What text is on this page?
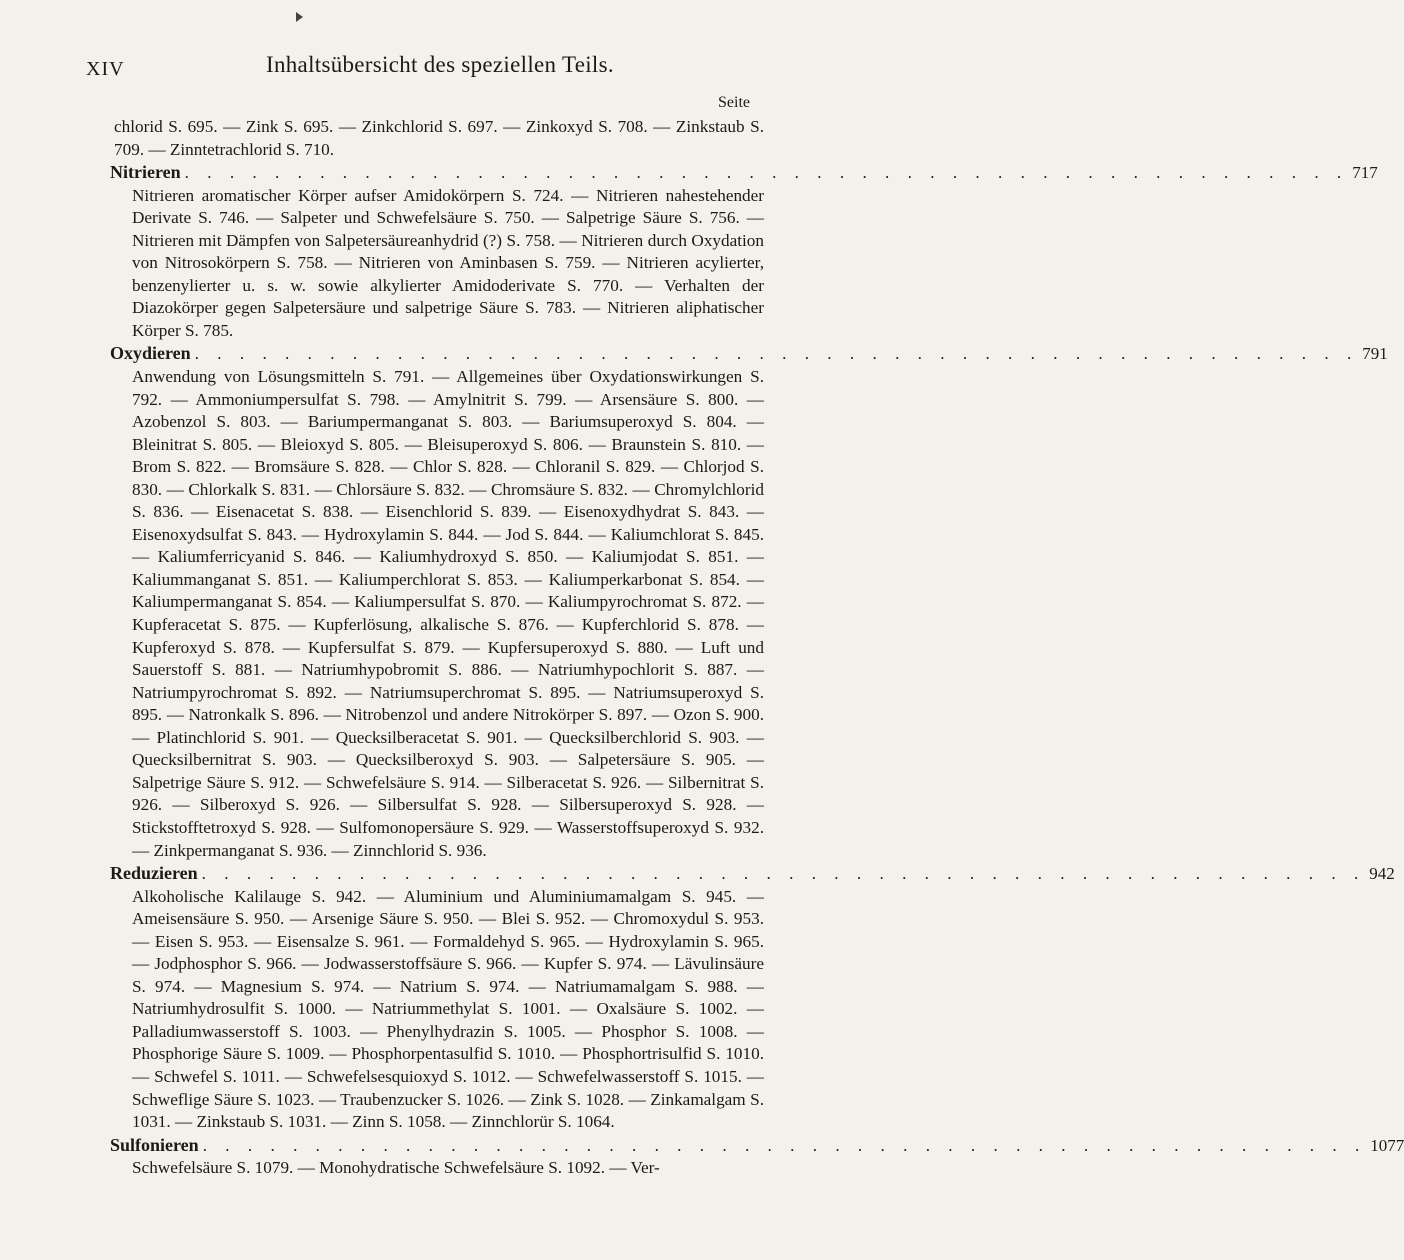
XIV	Inhaltsübersicht des speziellen Teils.
Seite
chlorid S. 695. — Zink S. 695. — Zinkchlorid S. 697. — Zinkoxyd S. 708. — Zinkstaub S. 709. — Zinntetrachlorid S. 710.
Nitrieren . . . . . . . . . . . . . . . . . . . . . . . . . . . . . . . . . . . . . . . . . . . . . . . . . . . . 717
Nitrieren aromatischer Körper aufser Amidokörpern S. 724. — Nitrieren nahestehender Derivate S. 746. — Salpeter und Schwefelsäure S. 750. — Salpetrige Säure S. 756. — Nitrieren mit Dämpfen von Salpetersäureanhydrid (?) S. 758. — Nitrieren durch Oxydation von Nitrosokörpern S. 758. — Nitrieren von Aminbasen S. 759. — Nitrieren acylierter, benzenylierter u. s. w. sowie alkylierter Amidoderivate S. 770. — Verhalten der Diazokörper gegen Salpetersäure und salpetrige Säure S. 783. — Nitrieren aliphatischer Körper S. 785.
Oxydieren . . . . . . . . . . . . . . . . . . . . . . . . . . . . . . . . . . . . . . . . . . . . . . . . . . . . 791
Anwendung von Lösungsmitteln S. 791. — Allgemeines über Oxydationswirkungen S. 792. — Ammoniumpersulfat S. 798. — Amylnitrit S. 799. — Arsensäure S. 800. — Azobenzol S. 803. — Bariumpermanganat S. 803. — Bariumsuperoxyd S. 804. — Bleinitrat S. 805. — Bleioxyd S. 805. — Bleisuperoxyd S. 806. — Braunstein S. 810. — Brom S. 822. — Bromsäure S. 828. — Chlor S. 828. — Chloranil S. 829. — Chlorjod S. 830. — Chlorkalk S. 831. — Chlorsäure S. 832. — Chromsäure S. 832. — Chromylchlorid S. 836. — Eisenacetat S. 838. — Eisenchlorid S. 839. — Eisenoxydhydrat S. 843. — Eisenoxydsulfat S. 843. — Hydroxylamin S. 844. — Jod S. 844. — Kaliumchlorat S. 845. — Kaliumferricyanid S. 846. — Kaliumhydroxyd S. 850. — Kaliumjodat S. 851. — Kaliummanganat S. 851. — Kaliumperchlorat S. 853. — Kaliumperkarbonat S. 854. — Kaliumpermanganat S. 854. — Kaliumpersulfat S. 870. — Kaliumpyrochromat S. 872. — Kupferacetat S. 875. — Kupferlösung, alkalische S. 876. — Kupferchlorid S. 878. — Kupferoxyd S. 878. — Kupfersulfat S. 879. — Kupfersuperoxyd S. 880. — Luft und Sauerstoff S. 881. — Natriumhypobromit S. 886. — Natriumhypochlorit S. 887. — Natriumpyrochromat S. 892. — Natriumsuperchromat S. 895. — Natriumsuperoxyd S. 895. — Natronkalk S. 896. — Nitrobenzol und andere Nitrokörper S. 897. — Ozon S. 900. — Platinchlorid S. 901. — Quecksilberacetat S. 901. — Quecksilberchlorid S. 903. — Quecksilbernitrat S. 903. — Quecksilberoxyd S. 903. — Salpetersäure S. 905. — Salpetrige Säure S. 912. — Schwefelsäure S. 914. — Silberacetat S. 926. — Silbernitrat S. 926. — Silberoxyd S. 926. — Silbersulfat S. 928. — Silbersuperoxyd S. 928. — Stickstofftetroxyd S. 928. — Sulfomonopersäure S. 929. — Wasserstoffsuperoxyd S. 932. — Zinkpermanganat S. 936. — Zinnchlorid S. 936.
Reduzieren . . . . . . . . . . . . . . . . . . . . . . . . . . . . . . . . . . . . . . . . . . . . . . . . . . . . 942
Alkoholische Kalilauge S. 942. — Aluminium und Aluminiumamalgam S. 945. — Ameisensäure S. 950. — Arsenige Säure S. 950. — Blei S. 952. — Chromoxydul S. 953. — Eisen S. 953. — Eisensalze S. 961. — Formaldehyd S. 965. — Hydroxylamin S. 965. — Jodphosphor S. 966. — Jodwasserstoffsäure S. 966. — Kupfer S. 974. — Lävulinsäure S. 974. — Magnesium S. 974. — Natrium S. 974. — Natriumamalgam S. 988. — Natriumhydrosulfit S. 1000. — Natriummethylat S. 1001. — Oxalsäure S. 1002. — Palladiumwasserstoff S. 1003. — Phenylhydrazin S. 1005. — Phosphor S. 1008. — Phosphorige Säure S. 1009. — Phosphorpentasulfid S. 1010. — Phosphortrisulfid S. 1010. — Schwefel S. 1011. — Schwefelsesquioxyd S. 1012. — Schwefelwasserstoff S. 1015. — Schweflige Säure S. 1023. — Traubenzucker S. 1026. — Zink S. 1028. — Zinkamalgam S. 1031. — Zinkstaub S. 1031. — Zinn S. 1058. — Zinnchlorür S. 1064.
Sulfonieren . . . . . . . . . . . . . . . . . . . . . . . . . . . . . . . . . . . . . . . . . . . . . . . . . . . . 1077
Schwefelsäure S. 1079. — Monohydratische Schwefelsäure S. 1092. — Ver-
